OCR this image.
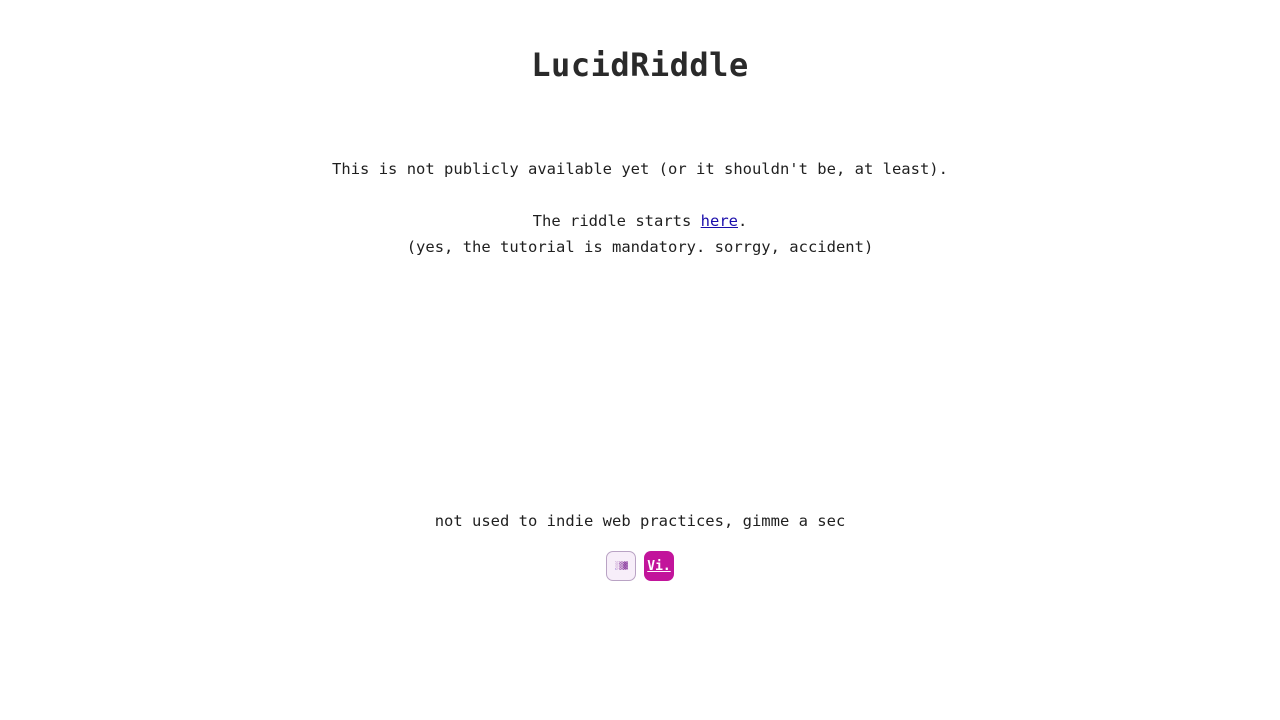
LucidRiddle
This is not publicly available yet (or it shouldn't be, at least).
The riddle starts here.
(yes, the tutorial is mandatory. sorrgy, accident)
not used to indie web practices, gimme a sec
░▒▓ Vi.
